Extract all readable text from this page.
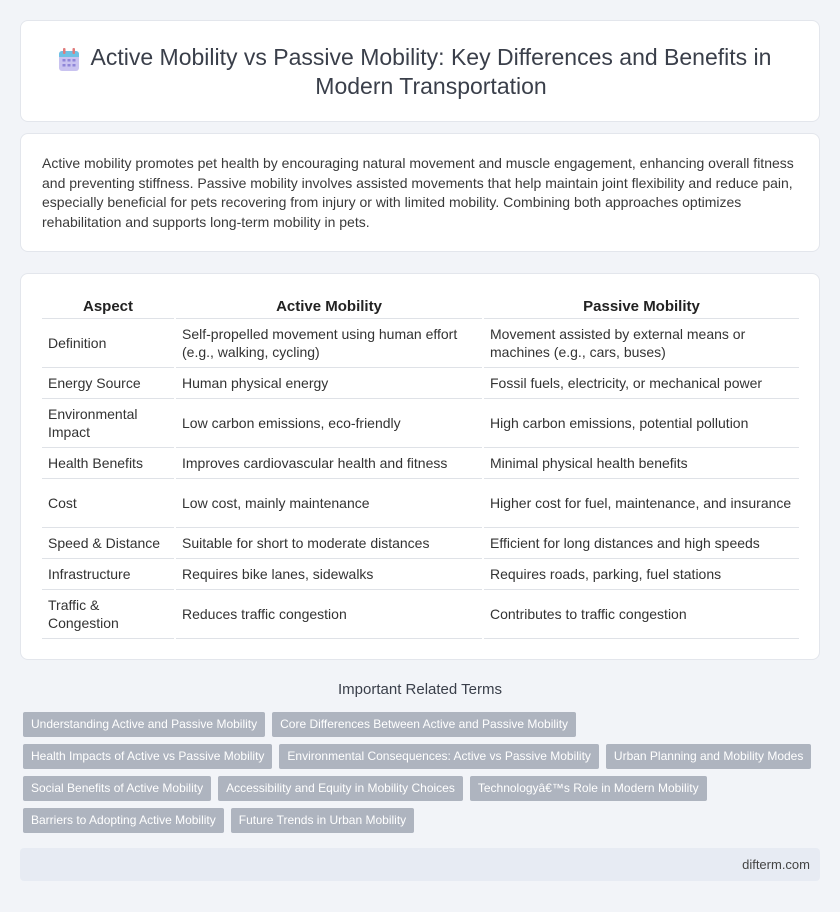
Active Mobility vs Passive Mobility: Key Differences and Benefits in Modern Transportation

Active mobility promotes pet health by encouraging natural movement and muscle engagement, enhancing overall fitness and preventing stiffness. Passive mobility involves assisted movements that help maintain joint flexibility and reduce pain, especially beneficial for pets recovering from injury or with limited mobility. Combining both approaches optimizes rehabilitation and supports long-term mobility in pets.

Aspect	Active Mobility	Passive Mobility
Definition	Self-propelled movement using human effort (e.g., walking, cycling)	Movement assisted by external means or machines (e.g., cars, buses)
Energy Source	Human physical energy	Fossil fuels, electricity, or mechanical power
Environmental Impact	Low carbon emissions, eco-friendly	High carbon emissions, potential pollution
Health Benefits	Improves cardiovascular health and fitness	Minimal physical health benefits
Cost	Low cost, mainly maintenance	Higher cost for fuel, maintenance, and insurance
Speed & Distance	Suitable for short to moderate distances	Efficient for long distances and high speeds
Infrastructure	Requires bike lanes, sidewalks	Requires roads, parking, fuel stations
Traffic & Congestion	Reduces traffic congestion	Contributes to traffic congestion
Important Related Terms
Understanding Active and Passive Mobility	Core Differences Between Active and Passive Mobility
Health Impacts of Active vs Passive Mobility	Environmental Consequences: Active vs Passive Mobility	Urban Planning and Mobility Modes
Social Benefits of Active Mobility	Accessibility and Equity in Mobility Choices	Technologyâ€™s Role in Modern Mobility
Barriers to Adopting Active Mobility	Future Trends in Urban Mobility
difterm.com
